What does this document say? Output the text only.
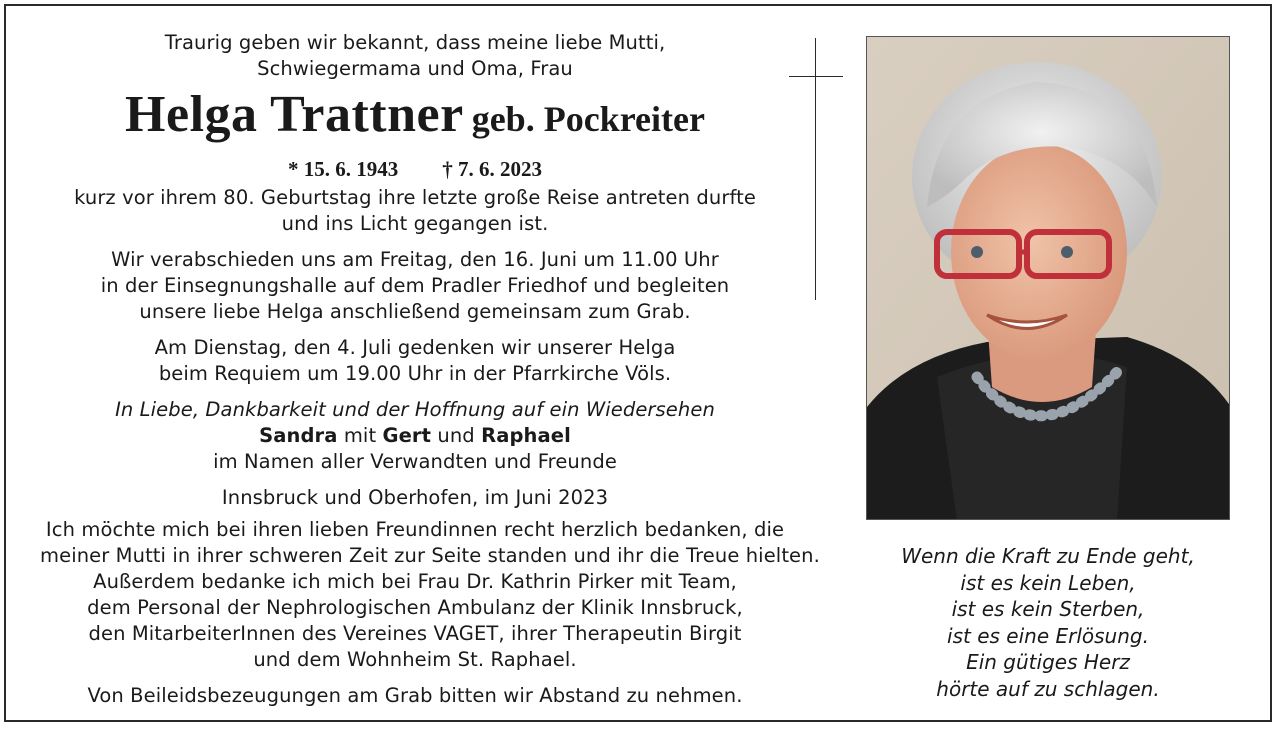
Traurig geben wir bekannt, dass meine liebe Mutti,

Schwiegermama und Oma, Frau

Helga Trattner geb. Pockreiter
* 15. 6. 1943 † 7. 6. 2023

kurz vor ihrem 80. Geburtstag ihre letzte große Reise antreten durfte

und ins Licht gegangen ist.

Wir verabschieden uns am Freitag, den 16. Juni um 11.00 Uhr

in der Einsegnungshalle auf dem Pradler Friedhof und begleiten

unsere liebe Helga anschließend gemeinsam zum Grab.

Am Dienstag, den 4. Juli gedenken wir unserer Helga

beim Requiem um 19.00 Uhr in der Pfarrkirche Völs.

In Liebe, Dankbarkeit und der Hoffnung auf ein Wiedersehen

Sandra mit Gert und Raphael

im Namen aller Verwandten und Freunde

Innsbruck und Oberhofen, im Juni 2023

Ich möchte mich bei ihren lieben Freundinnen recht herzlich bedanken, die

meiner Mutti in ihrer schweren Zeit zur Seite standen und ihr die Treue hielten.

Außerdem bedanke ich mich bei Frau Dr. Kathrin Pirker mit Team,

dem Personal der Nephrologischen Ambulanz der Klinik Innsbruck,

den MitarbeiterInnen des Vereines VAGET, ihrer Therapeutin Birgit

und dem Wohnheim St. Raphael.

Von Beileidsbezeugungen am Grab bitten wir Abstand zu nehmen.

Wenn die Kraft zu Ende geht,
ist es kein Leben,
ist es kein Sterben,
ist es eine Erlösung.
Ein gütiges Herz
hörte auf zu schlagen.
